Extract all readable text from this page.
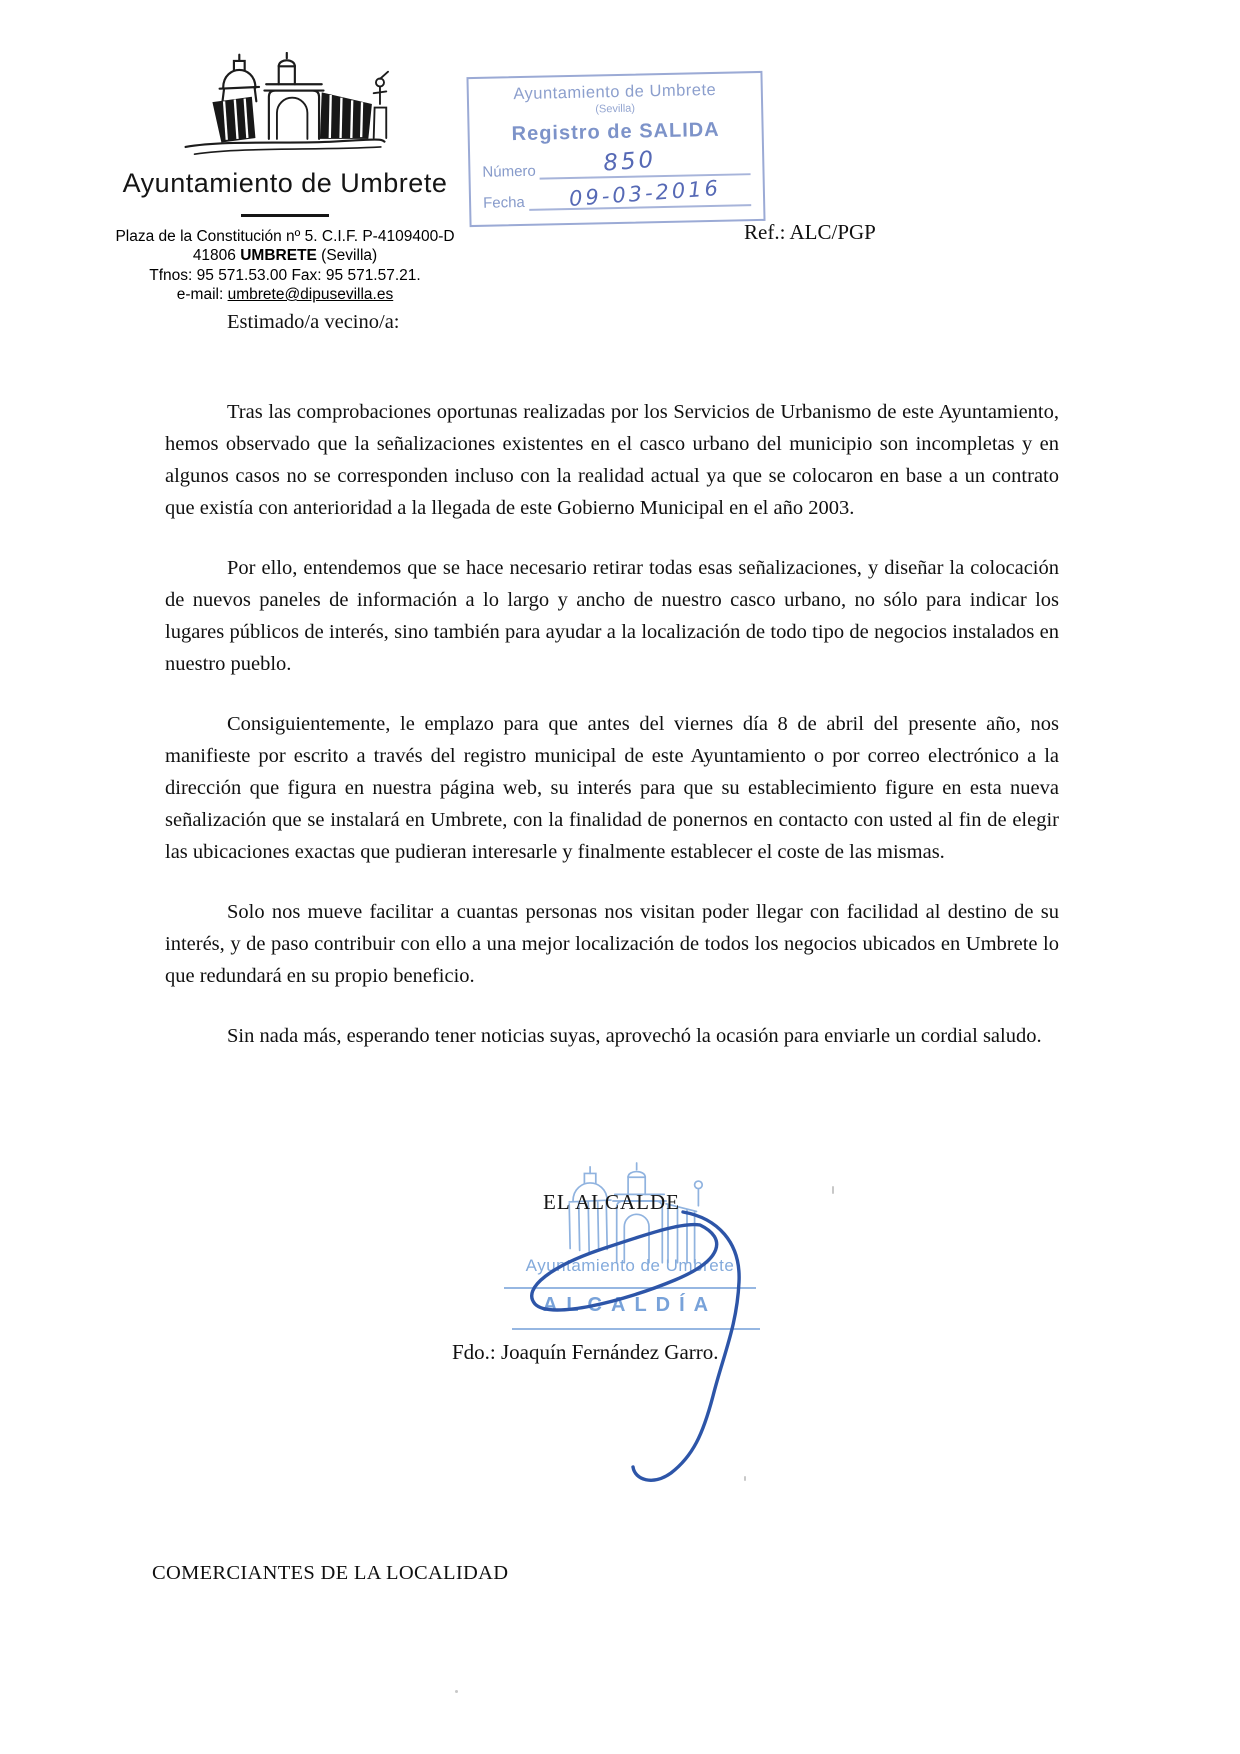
Ayuntamiento de Umbrete
Plaza de la Constitución nº 5. C.I.F. P-4109400-D
41806 UMBRETE (Sevilla)
Tfnos: 95 571.53.00 Fax: 95 571.57.21.
e-mail: umbrete@dipusevilla.es
Ayuntamiento de Umbrete
(Sevilla)
Registro de SALIDA
Número	850
Fecha 09-03-2016
Ref.: ALC/PGP
Estimado/a vecino/a:

Tras las comprobaciones oportunas realizadas por los Servicios de Urbanismo de este Ayuntamiento, hemos observado que la señalizaciones existentes en el casco urbano del municipio son incompletas y en algunos casos no se corresponden incluso con la realidad actual ya que se colocaron en base a un contrato que existía con anterioridad a la llegada de este Gobierno Municipal en el año 2003.

Por ello, entendemos que se hace necesario retirar todas esas señalizaciones, y diseñar la colocación de nuevos paneles de información a lo largo y ancho de nuestro casco urbano, no sólo para indicar los lugares públicos de interés, sino también para ayudar a la localización de todo tipo de negocios instalados en nuestro pueblo.

Consiguientemente, le emplazo para que antes del viernes día 8 de abril del presente año, nos manifieste por escrito a través del registro municipal de este Ayuntamiento o por correo electrónico a la dirección que figura en nuestra página web, su interés para que su establecimiento figure en esta nueva señalización que se instalará en Umbrete, con la finalidad de ponernos en contacto con usted al fin de elegir las ubicaciones exactas que pudieran interesarle y finalmente establecer el coste de las mismas.

Solo nos mueve facilitar a cuantas personas nos visitan poder llegar con facilidad al destino de su interés, y de paso contribuir con ello a una mejor localización de todos los negocios ubicados en Umbrete lo que redundará en su propio beneficio.

Sin nada más, esperando tener noticias suyas, aprovechó la ocasión para enviarle un cordial saludo.

Ayuntamiento de Umbrete
ALCALDÍA
EL ALCALDE
Fdo.: Joaquín Fernández Garro.
COMERCIANTES DE LA LOCALIDAD
